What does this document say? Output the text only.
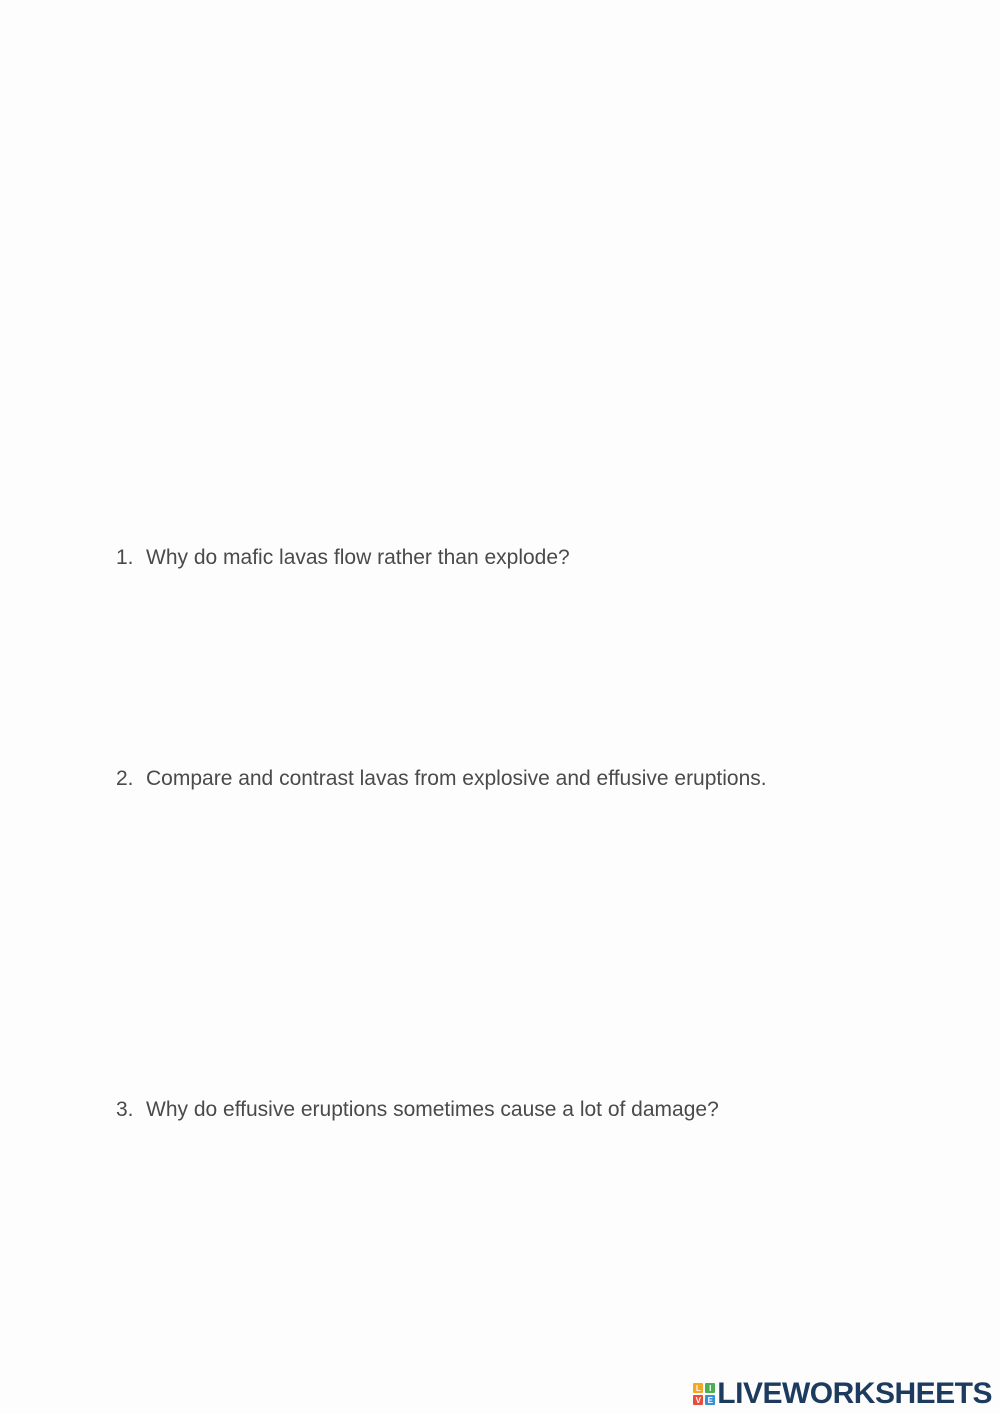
1. Why do mafic lavas flow rather than explode?
2. Compare and contrast lavas from explosive and effusive eruptions.
3. Why do effusive eruptions sometimes cause a lot of damage?
L	I
V E LIVEWORKSHEETS
